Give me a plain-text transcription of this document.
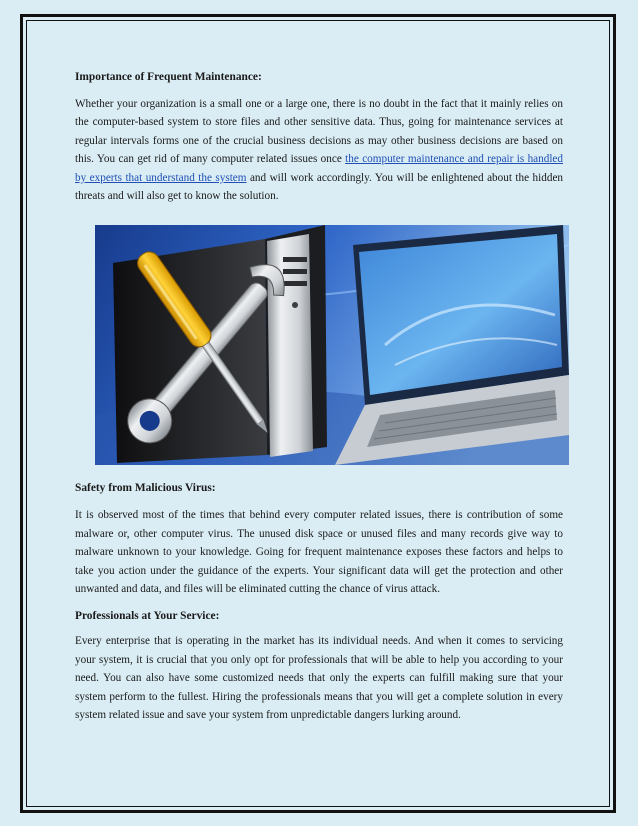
Importance of Frequent Maintenance:

Whether your organization is a small one or a large one, there is no doubt in the fact that it mainly relies on the computer-based system to store files and other sensitive data. Thus, going for maintenance services at regular intervals forms one of the crucial business decisions as may other business decisions are based on this. You can get rid of many computer related issues once the computer maintenance and repair is handled by experts that understand the system and will work accordingly. You will be enlightened about the hidden threats and will also get to know the solution.

Safety from Malicious Virus:

It is observed most of the times that behind every computer related issues, there is contribution of some malware or, other computer virus. The unused disk space or unused files and many records give way to malware unknown to your knowledge. Going for frequent maintenance exposes these factors and helps to take you action under the guidance of the experts. Your significant data will get the protection and other unwanted and data, and files will be eliminated cutting the chance of virus attack.

Professionals at Your Service:

Every enterprise that is operating in the market has its individual needs. And when it comes to servicing your system, it is crucial that you only opt for professionals that will be able to help you according to your need. You can also have some customized needs that only the experts can fulfill making sure that your system perform to the fullest. Hiring the professionals means that you will get a complete solution in every system related issue and save your system from unpredictable dangers lurking around.
